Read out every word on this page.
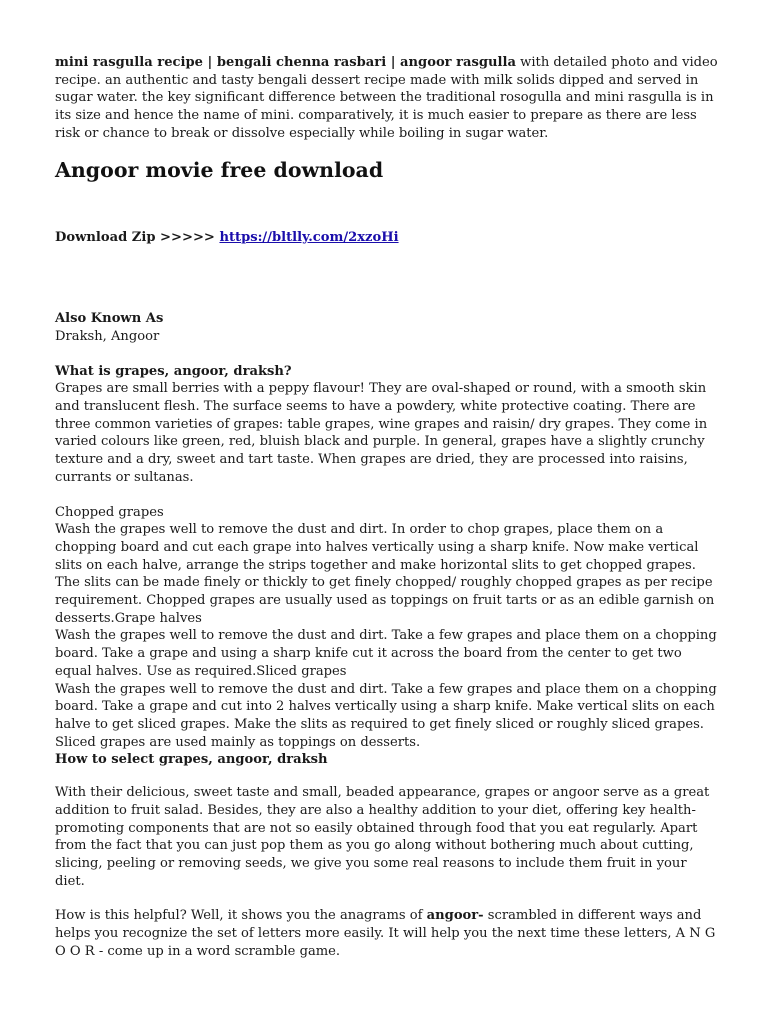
mini rasgulla recipe | bengali chenna rasbari | angoor rasgulla with detailed photo and video recipe. an authentic and tasty bengali dessert recipe made with milk solids dipped and served in sugar water. the key significant difference between the traditional rosogulla and mini rasgulla is in its size and hence the name of mini. comparatively, it is much easier to prepare as there are less risk or chance to break or dissolve especially while boiling in sugar water.

Angoor movie free download

Download Zip >>>>> https://bltlly.com/2xzoHi

Also Known As

Draksh, Angoor

What is grapes, angoor, draksh?

Grapes are small berries with a peppy flavour! They are oval-shaped or round, with a smooth skin and translucent flesh. The surface seems to have a powdery, white protective coating. There are three common varieties of grapes: table grapes, wine grapes and raisin/ dry grapes. They come in varied colours like green, red, bluish black and purple. In general, grapes have a slightly crunchy texture and a dry, sweet and tart taste. When grapes are dried, they are processed into raisins, currants or sultanas.

Chopped grapes

Wash the grapes well to remove the dust and dirt. In order to chop grapes, place them on a chopping board and cut each grape into halves vertically using a sharp knife. Now make vertical slits on each halve, arrange the strips together and make horizontal slits to get chopped grapes. The slits can be made finely or thickly to get finely chopped/ roughly chopped grapes as per recipe requirement. Chopped grapes are usually used as toppings on fruit tarts or as an edible garnish on desserts.Grape halves

Wash the grapes well to remove the dust and dirt. Take a few grapes and place them on a chopping board. Take a grape and using a sharp knife cut it across the board from the center to get two equal halves. Use as required.Sliced grapes

Wash the grapes well to remove the dust and dirt. Take a few grapes and place them on a chopping board. Take a grape and cut into 2 halves vertically using a sharp knife. Make vertical slits on each halve to get sliced grapes. Make the slits as required to get finely sliced or roughly sliced grapes. Sliced grapes are used mainly as toppings on desserts.

How to select grapes, angoor, draksh

With their delicious, sweet taste and small, beaded appearance, grapes or angoor serve as a great addition to fruit salad. Besides, they are also a healthy addition to your diet, offering key health-promoting components that are not so easily obtained through food that you eat regularly. Apart from the fact that you can just pop them as you go along without bothering much about cutting, slicing, peeling or removing seeds, we give you some real reasons to include them fruit in your diet.

How is this helpful? Well, it shows you the anagrams of angoor- scrambled in different ways and helps you recognize the set of letters more easily. It will help you the next time these letters, A N G O O R - come up in a word scramble game.
